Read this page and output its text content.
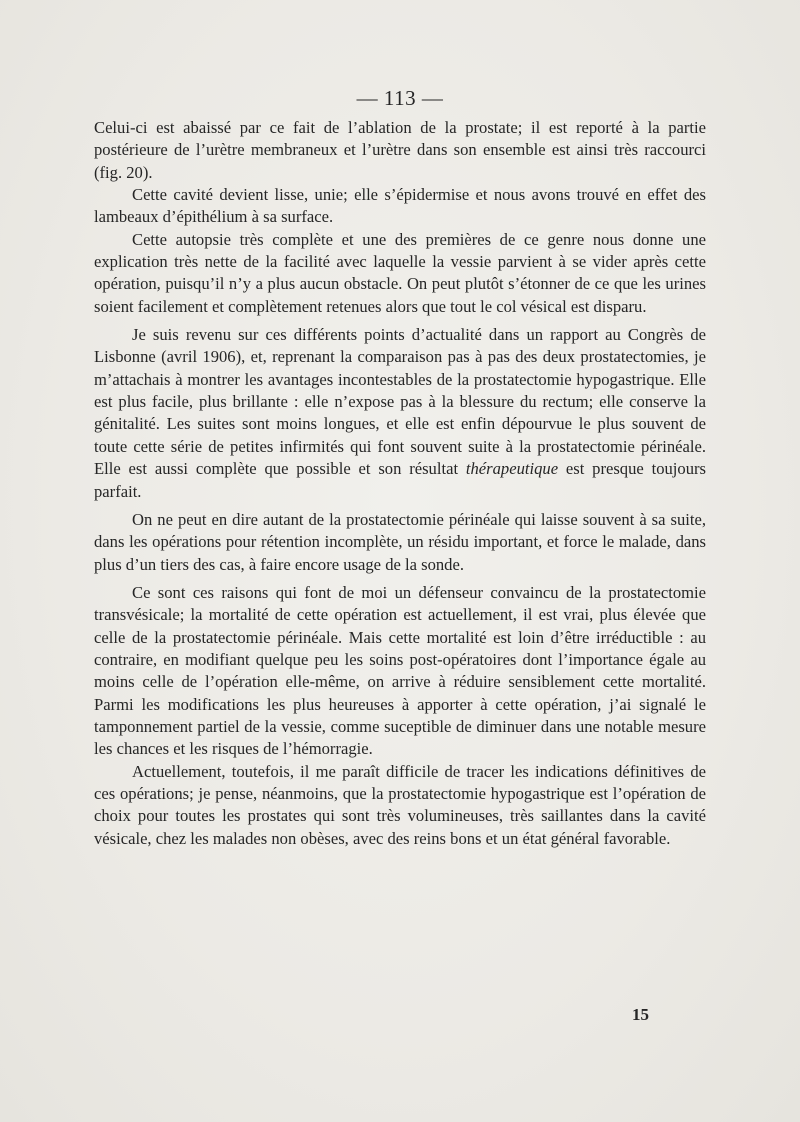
— 113 —

Celui-ci est abaissé par ce fait de l’ablation de la prostate; il est reporté à la partie postérieure de l’urètre membraneux et l’urètre dans son ensemble est ainsi très raccourci (fig. 20).

Cette cavité devient lisse, unie; elle s’épidermise et nous avons trouvé en effet des lambeaux d’épithélium à sa surface.

Cette autopsie très complète et une des premières de ce genre nous donne une explication très nette de la facilité avec laquelle la vessie parvient à se vider après cette opération, puisqu’il n’y a plus aucun obstacle. On peut plutôt s’étonner de ce que les urines soient facilement et complètement retenues alors que tout le col vésical est disparu.

Je suis revenu sur ces différents points d’actualité dans un rapport au Congrès de Lisbonne (avril 1906), et, reprenant la comparaison pas à pas des deux prostatectomies, je m’attachais à montrer les avantages incontestables de la prostatectomie hypogastrique. Elle est plus facile, plus brillante : elle n’expose pas à la blessure du rectum; elle conserve la génitalité. Les suites sont moins longues, et elle est enfin dépourvue le plus souvent de toute cette série de petites infirmités qui font souvent suite à la prostatectomie périnéale. Elle est aussi complète que possible et son résultat thérapeutique est presque toujours parfait.

On ne peut en dire autant de la prostatectomie périnéale qui laisse souvent à sa suite, dans les opérations pour rétention incomplète, un résidu important, et force le malade, dans plus d’un tiers des cas, à faire encore usage de la sonde.

Ce sont ces raisons qui font de moi un défenseur convaincu de la prostatectomie transvésicale; la mortalité de cette opération est actuellement, il est vrai, plus élevée que celle de la prostatectomie périnéale. Mais cette mortalité est loin d’être irréductible : au contraire, en modifiant quelque peu les soins post-opératoires dont l’importance égale au moins celle de l’opération elle-même, on arrive à réduire sensiblement cette mortalité. Parmi les modifications les plus heureuses à apporter à cette opération, j’ai signalé le tamponnement partiel de la vessie, comme suceptible de diminuer dans une notable mesure les chances et les risques de l’hémorragie.

Actuellement, toutefois, il me paraît difficile de tracer les indications définitives de ces opérations; je pense, néanmoins, que la prostatectomie hypogastrique est l’opération de choix pour toutes les prostates qui sont très volumineuses, très saillantes dans la cavité vésicale, chez les malades non obèses, avec des reins bons et un état général favorable.

15
